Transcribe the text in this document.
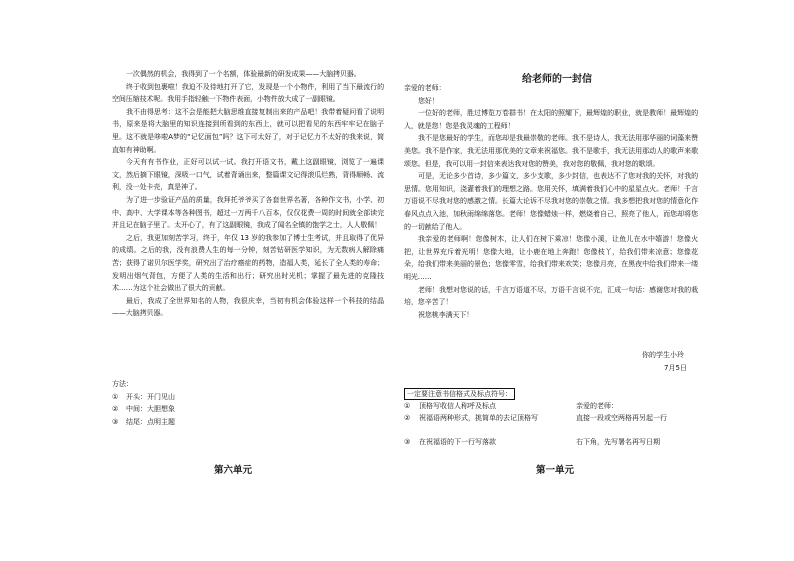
一次偶然的机会，我得到了一个名额，体验最新的研发成果——大脑拷贝器。

终于收到包裹啦！我迫不及待地打开了它，发现是一个小物件，利用了当下最流行的空间压缩技术呢。我用手指轻触一下物件表面，小物件放大成了一副眼镜。

我不由得思考：这不会是能把大脑思维直接复制出来的产品吧！我带着疑问看了说明书，原来是将大脑里的知识连接到所看到的东西上，就可以把看见的东西牢牢记在脑子里。这不就是哆啦A梦的“记忆面包”吗？这下可太好了，对于记忆力不太好的我来说，简直如有神助啊。

今天有有书作业，正好可以试一试。我打开语文书，戴上这副眼镜，浏览了一遍课文，然后摘下眼镜，深吸一口气，试着背诵出来，整篇课文记得滚瓜烂熟，背得顺畅、流利，没一处卡壳，真是神了。

为了进一步验证产品的质量，我拜托爷爷买了各套世界名著，各种作文书，小学、初中、高中、大学课本等各种图书，超过一万两千八百本，仅仅花费一周的时间就全部读完并且记在脑子里了。太开心了，有了这副眼镜，我成了闻名全镇的饱学之士，人人敬佩！

之后，我更加刻苦学习，终于，年仅 13 岁的我参加了博士生考试，并且取得了优异的成绩。之后的我，没有浪费人生的每一分钟，刻苦钻研医学知识，为无数病人解除痛苦；获得了诺贝尔医学奖，研究出了治疗癌症的药物，造福人类，延长了全人类的寿命；发明出烟气背包，方便了人类的生活和出行；研究出时光机；掌握了最先进的克隆技术……为这个社会做出了很大的贡献。

最后，我成了全世界知名的人物，我很庆幸，当初有机会体验这样一个科技的结晶——大脑拷贝器。

方法：
① 开头：开门见山
② 中间：大胆想象
③ 结尾：点明主题
第六单元
给老师的一封信

亲爱的老师：

您好！

一位好的老师，胜过博览万卷群书！在太阳的照耀下，最辉煌的职业，就是教师！最辉煌的人，就是您！您是我灵魂的工程师！

我不是您最好的学生，而您却是我最崇敬的老师。我不是诗人，我无法用那华丽的词藻来赞美您。我不是作家，我无法用那优美的文章来祝福您。我不是歌手，我无法用那动人的歌声来歌颂您。但是，我可以用一封信来表达我对您的赞美，我对您的敬佩，我对您的歌颂。

可是，无论多少首诗，多少篇文，多少支歌，多少封信，也表达不了您对我的关怀，对我的思情。您用知识，浇灌着我们的理想之路。您用关怀，填满着我们心中的星星点火。老师！千言万语说不尽我对您的感激之情。长篇大论诉不尽我对您的崇敬之情。我多想把我对您的情意化作春风点点入池，加秋雨绵绵落您。老师！您像蜡烛一样，燃烧着自己，照亮了他人，而您却将您的一切献给了他人。

我亲爱的老师啊！您像树木，让人们在树下乘凉！您像小溪，让鱼儿在水中嬉游！您像火把，让世界充斥着光明！您像大地，让小鹿在地上奔跑！您像枝丫，给我们带来凉意；您像花朵，给我们带来美丽的景色；您像零雪，给我们带来欢笑；您像月亮，在黑夜中给我们带来一缕明光……

老师！我想对您说的话，千言万语道不尽，万语千言说不完，汇成一句话：感谢您对我的栽培，您辛苦了！

祝您桃李满天下！

你的学生小玲
7月5日
一定要注意书信格式及标点符号：
① 顶格写收信人称呼及标点	亲爱的老师：
② 祝福语两种形式，挑简单的去记顶格写	直接一段或空两格再另起一行
③ 在祝福语的下一行写落款	右下角，先写署名再写日期
第一单元
